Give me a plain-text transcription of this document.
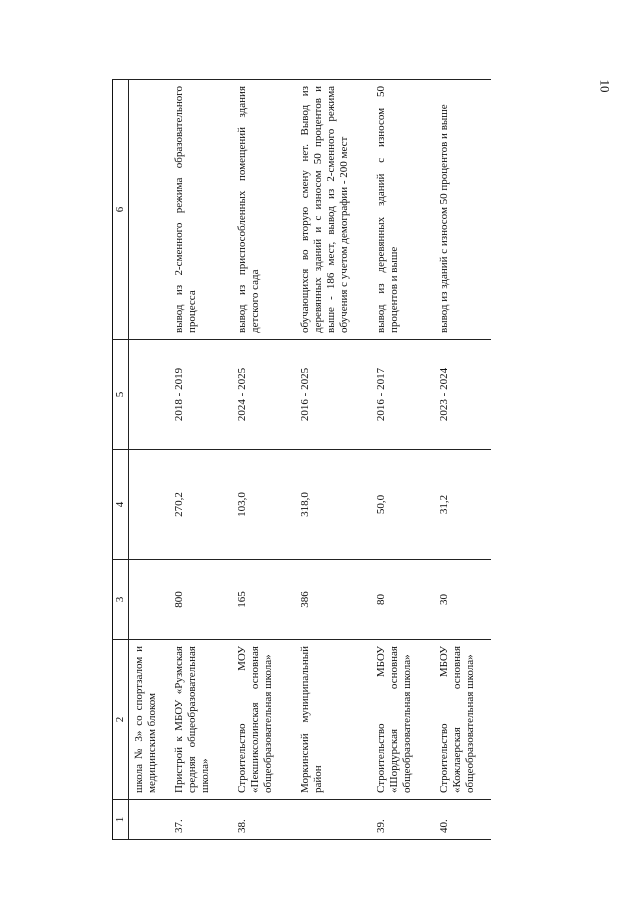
10
1	2	3	4	5	6
	школа № 3» со спортзалом и медицинским блоком				
37.	Пристрой к МБОУ «Рузмская средняя общеобразовательная школа»	800	270,2	2018 - 2019	вывод из 2-сменного режима образовательного процесса
38.	Строительство МОУ «Пекшиксолинская основная общеобразовательная школа»	165	103,0	2024 - 2025	вывод из приспособленных помещений здания детского сада
	Моркинский муниципальный район	386	318,0	2016 - 2025	обучающихся во вторую смену нет. Вывод из деревянных зданий и с износом 50 процентов и выше - 186 мест, вывод из 2-сменного режима обучения с учетом демографии - 200 мест
39.	Строительство МБОУ «Шордурская основная общеобразовательная школа»	80	50,0	2016 - 2017	вывод из деревянных зданий с износом 50 процентов и выше
40.	Строительство МБОУ «Кожлаерская основная общеобразовательная школа»	30	31,2	2023 - 2024	вывод из зданий с износом 50 процентов и выше
